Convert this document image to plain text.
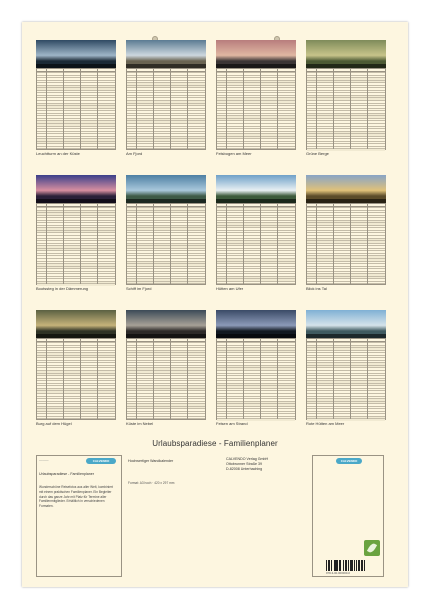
Leuchtturm an der Küste	Am Fjord	Felsbogen am Meer	Grüne Berge
Bootssteg in der Dämmerung	Schiff im Fjord	Hütten am Ufer	Blick ins Tal
Burg auf dem Hügel	Küste im Nebel	Felsen am Strand	Rote Hütten am Meer
Urlaubsparadiese - Familienplaner
CALVENDO
———
Urlaubsparadiese - Familienplaner
Wunderschöne Reisefotos aus aller Welt, kombiniert mit einem praktischen Familienplaner. Ein Begleiter durch das ganze Jahr mit Platz für Termine aller Familienmitglieder. Erhältlich in verschiedenen Formaten.
Hochwertiger Wandkalender
Format: A3 hoch · 420 x 297 mm
CALVENDO Verlag GmbH
Ottobrunner Straße 39
D-82008 Unterhaching
CALVENDO
978-3-00-000000-0
